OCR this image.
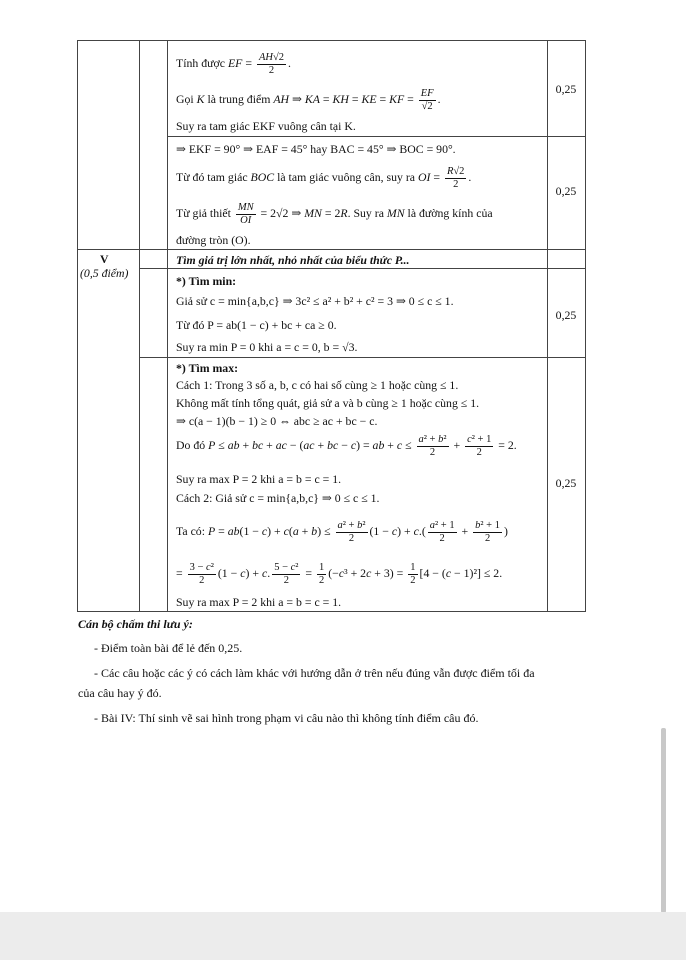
Tính được EF = $\frac{AH√2}{2}$ .
Gọi K là trung điểm AH ⇒ KA = KH = KE = KF = $\frac{EF}{√2}$ .
Suy ra tam giác EKF vuông cân tại K.
⇒ EKF = 90° ⇒ EAF = 45° hay BAC = 45° ⇒ BOC = 90°.
Từ đó tam giác BOC là tam giác vuông cân, suy ra OI = $\frac{R√2}{2}$ .
Từ giả thiết $\frac{MN}{OI} = 2√2$ ⇒ MN = 2R. Suy ra MN là đường kính của
đường tròn (O).
V
(0,5 điểm)
Tìm giá trị lớn nhất, nhỏ nhất của biểu thức P...
*) Tìm min:
Giả sử c = min{a,b,c} ⇒ 3c² ≤ a² + b² + c² = 3 ⇒ 0 ≤ c ≤ 1.
Từ đó P = ab(1 − c) + bc + ca ≥ 0.
Suy ra min P = 0 khi a = c = 0, b = √3.
*) Tìm max:
Cách 1: Trong 3 số a, b, c có hai số cùng ≥ 1 hoặc cùng ≤ 1.
Không mất tính tổng quát, giả sử a và b cùng ≥ 1 hoặc cùng ≤ 1.
⇒ c(a − 1)(b − 1) ≥ 0 ⇔ abc ≥ ac + bc − c.
Do đó P ≤ ab + bc + ac − (ac + bc − c) = ab + $c \le \frac{\text{a² + b²}}{2} + \frac{\text{c² + 1}}{2} = 2$.
Suy ra max P = 2 khi a = b = c = 1.
Cách 2: Giả sử c = min{a,b,c} ⇒ 0 ≤ c ≤ 1.
Ta có: $P = ab(1 - c) + c(a + b) \le \frac{\text{a² + b²}}{2} (1 - c) + c.( \frac{\text{a² + 1}}{2} + \frac{\text{b² + 1}}{2}$ )
= $\frac{\text{3 − c²}}{2} (1 - c) + c$. $\frac{\text{5 − c²}}{2} = \frac{1}{2} (-c^3 + 2c + 3) = \frac{1}{2} [4 - (c - 1)^2] \le 2$.
Suy ra max P = 2 khi a = b = c = 1.
0,25
0,25
0,25
0,25
Cán bộ chấm thi lưu ý:
- Điểm toàn bài để lẻ đến 0,25.
- Các câu hoặc các ý có cách làm khác với hướng dẫn ở trên nếu đúng vẫn được điểm tối đa
của câu hay ý đó.
- Bài IV: Thí sinh vẽ sai hình trong phạm vi câu nào thì không tính điểm câu đó.
